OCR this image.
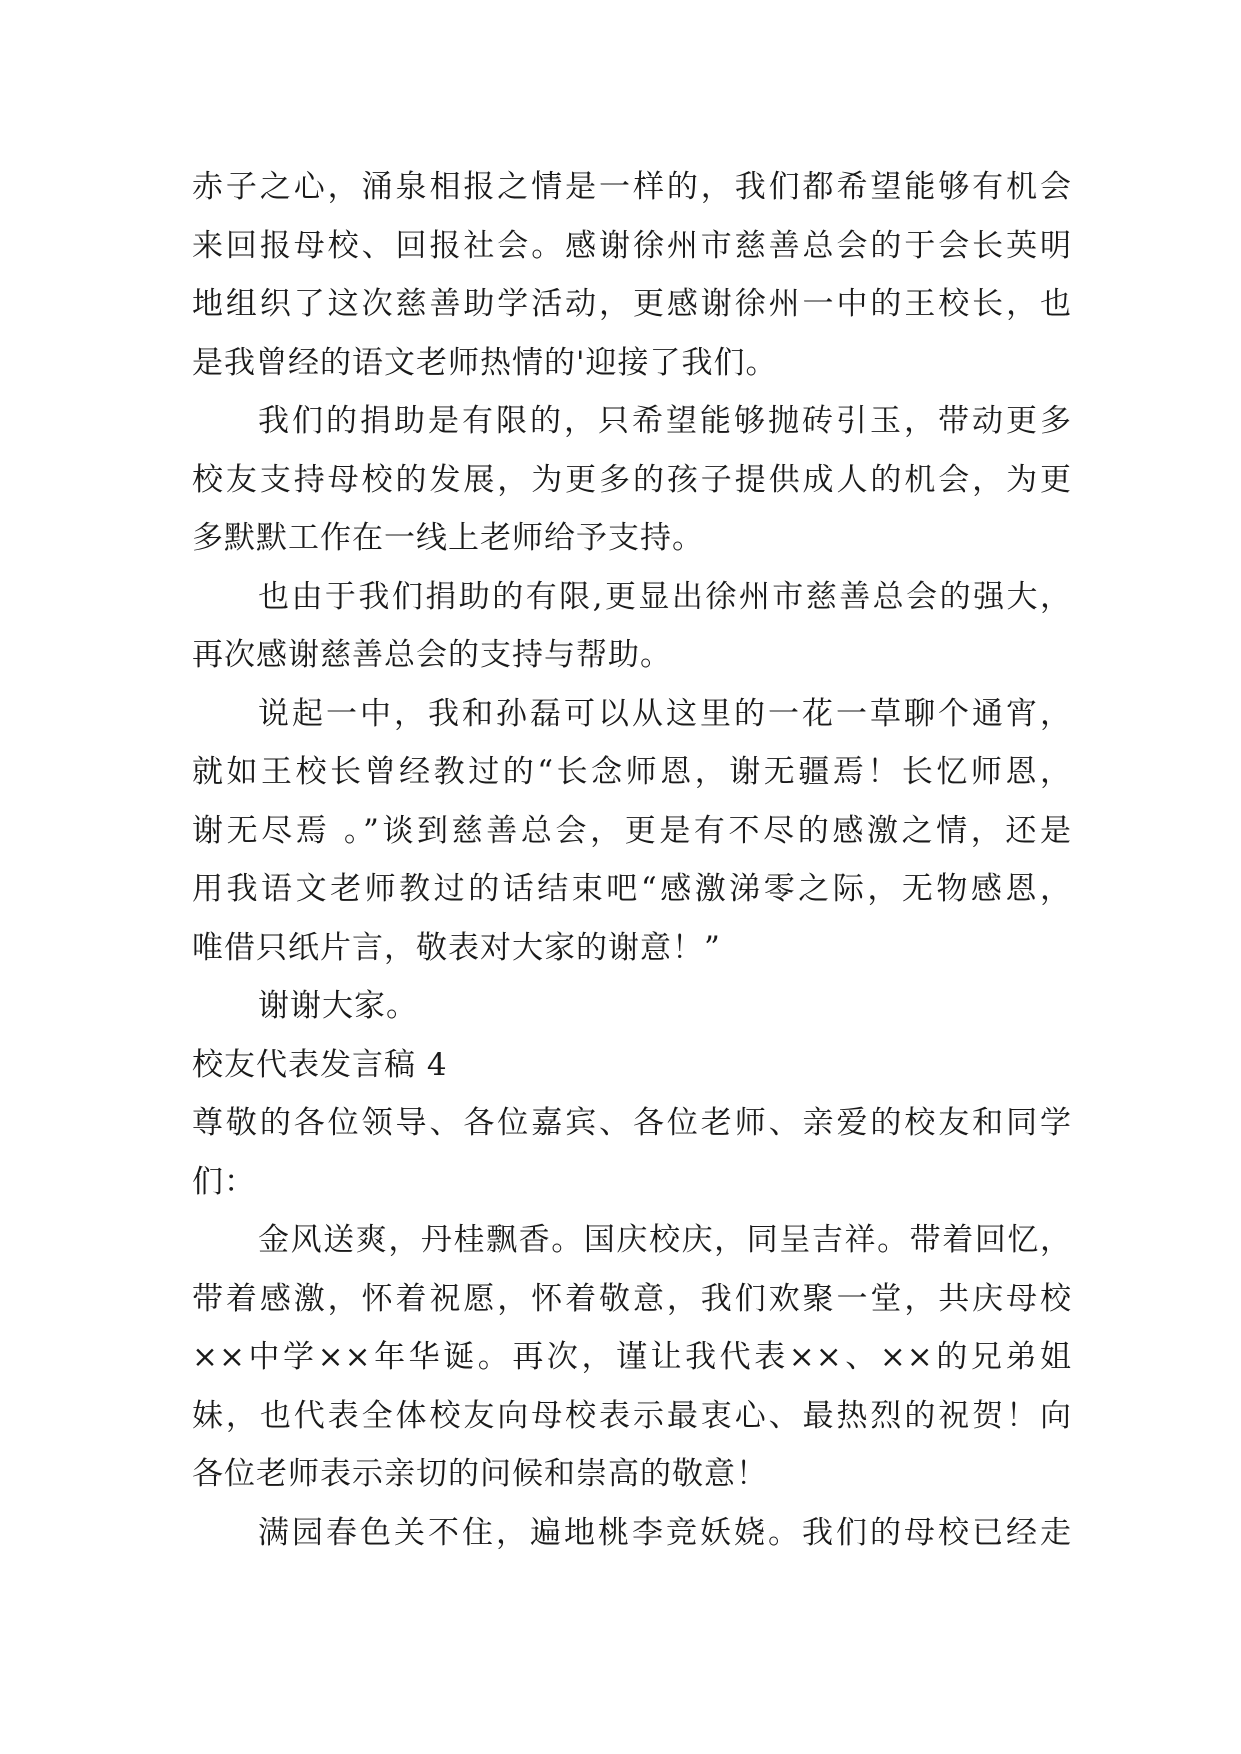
赤子之心，涌泉相报之情是一样的，我们都希望能够有机会
来回报母校、回报社会。感谢徐州市慈善总会的于会长英明
地组织了这次慈善助学活动，更感谢徐州一中的王校长，也
是我曾经的语文老师热情的'迎接了我们。
我们的捐助是有限的，只希望能够抛砖引玉，带动更多
校友支持母校的发展，为更多的孩子提供成人的机会，为更
多默默工作在一线上老师给予支持。
也由于我们捐助的有限,更显出徐州市慈善总会的强大，
再次感谢慈善总会的支持与帮助。
说起一中，我和孙磊可以从这里的一花一草聊个通宵，
就如王校长曾经教过的“长念师恩，谢无疆焉！长忆师恩，
谢无尽焉 。”谈到慈善总会，更是有不尽的感激之情，还是
用我语文老师教过的话结束吧“感激涕零之际，无物感恩，
唯借只纸片言，敬表对大家的谢意！”
谢谢大家。
校友代表发言稿 4
尊敬的各位领导、各位嘉宾、各位老师、亲爱的校友和同学
们：
金风送爽，丹桂飘香。国庆校庆，同呈吉祥。带着回忆，
带着感激，怀着祝愿，怀着敬意，我们欢聚一堂，共庆母校
××中学××年华诞。再次，谨让我代表××、××的兄弟姐
妹，也代表全体校友向母校表示最衷心、最热烈的祝贺！向
各位老师表示亲切的问候和崇高的敬意！
满园春色关不住，遍地桃李竞妖娆。我们的母校已经走
